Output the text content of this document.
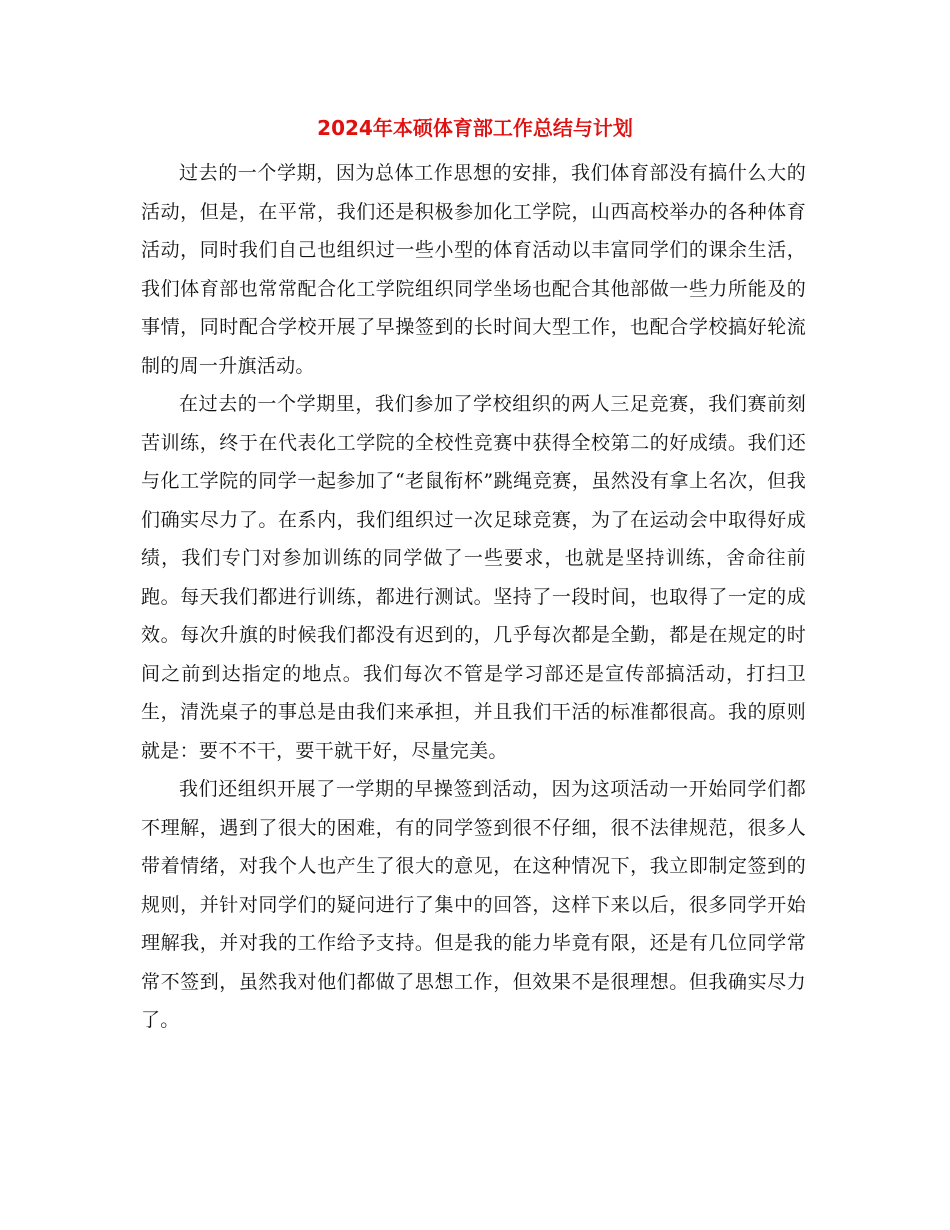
2024年本硕体育部工作总结与计划

过去的一个学期，因为总体工作思想的安排，我们体育部没有搞什么大的活动，但是，在平常，我们还是积极参加化工学院，山西高校举办的各种体育活动，同时我们自己也组织过一些小型的体育活动以丰富同学们的课余生活，我们体育部也常常配合化工学院组织同学坐场也配合其他部做一些力所能及的事情，同时配合学校开展了早操签到的长时间大型工作，也配合学校搞好轮流制的周一升旗活动。

在过去的一个学期里，我们参加了学校组织的两人三足竞赛，我们赛前刻苦训练，终于在代表化工学院的全校性竞赛中获得全校第二的好成绩。我们还与化工学院的同学一起参加了“老鼠衔杯”跳绳竞赛，虽然没有拿上名次，但我们确实尽力了。在系内，我们组织过一次足球竞赛，为了在运动会中取得好成绩，我们专门对参加训练的同学做了一些要求，也就是坚持训练，舍命往前跑。每天我们都进行训练，都进行测试。坚持了一段时间，也取得了一定的成效。每次升旗的时候我们都没有迟到的，几乎每次都是全勤，都是在规定的时间之前到达指定的地点。我们每次不管是学习部还是宣传部搞活动，打扫卫生，清洗桌子的事总是由我们来承担，并且我们干活的标准都很高。我的原则就是：要不不干，要干就干好，尽量完美。

我们还组织开展了一学期的早操签到活动，因为这项活动一开始同学们都不理解，遇到了很大的困难，有的同学签到很不仔细，很不法律规范，很多人带着情绪，对我个人也产生了很大的意见，在这种情况下，我立即制定签到的规则，并针对同学们的疑问进行了集中的回答，这样下来以后，很多同学开始理解我，并对我的工作给予支持。但是我的能力毕竟有限，还是有几位同学常常不签到，虽然我对他们都做了思想工作，但效果不是很理想。但我确实尽力了。
